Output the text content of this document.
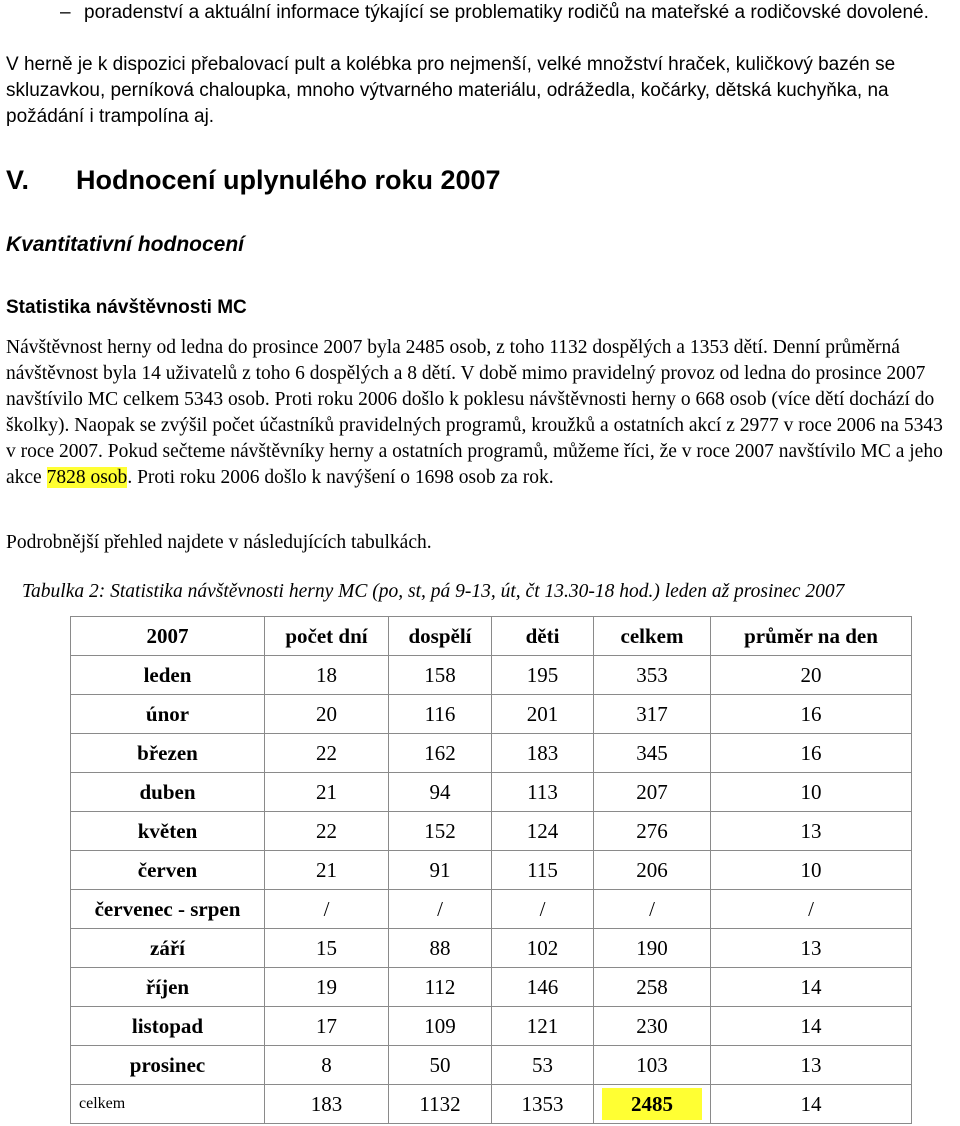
– poradenství a aktuální informace týkající se problematiky rodičů na mateřské a rodičovské dovolené.
V herně je k dispozici přebalovací pult a kolébka pro nejmenší, velké množství hraček, kuličkový bazén se skluzavkou, perníková chaloupka, mnoho výtvarného materiálu, odrážedla, kočárky, dětská kuchyňka, na požádání i trampolína aj.
V. Hodnocení uplynulého roku 2007
Kvantitativní hodnocení
Statistika návštěvnosti MC
Návštěvnost herny od ledna do prosince 2007 byla 2485 osob, z toho 1132 dospělých a 1353 dětí. Denní průměrná návštěvnost byla 14 uživatelů z toho 6 dospělých a 8 dětí. V době mimo pravidelný provoz od ledna do prosince 2007 navštívilo MC celkem 5343 osob. Proti roku 2006 došlo k poklesu návštěvnosti herny o 668 osob (více dětí dochází do školky). Naopak se zvýšil počet účastníků pravidelných programů, kroužků a ostatních akcí z 2977 v roce 2006 na 5343 v roce 2007. Pokud sečteme návštěvníky herny a ostatních programů, můžeme říci, že v roce 2007 navštívilo MC a jeho akce 7828 osob. Proti roku 2006 došlo k navýšení o 1698 osob za rok.
Podrobnější přehled najdete v následujících tabulkách.
Tabulka 2: Statistika návštěvnosti herny MC (po, st, pá 9-13, út, čt 13.30-18 hod.) leden až prosinec 2007
2007	počet dní	dospělí	děti	celkem	průměr na den
leden	18	158	195	353	20
únor	20	116	201	317	16
březen	22	162	183	345	16
duben	21	94	113	207	10
květen	22	152	124	276	13
červen	21	91	115	206	10
červenec - srpen	/	/	/	/	/
září	15	88	102	190	13
říjen	19	112	146	258	14
listopad	17	109	121	230	14
prosinec	8	50	53	103	13
celkem	183	1132	1353	2485	14
